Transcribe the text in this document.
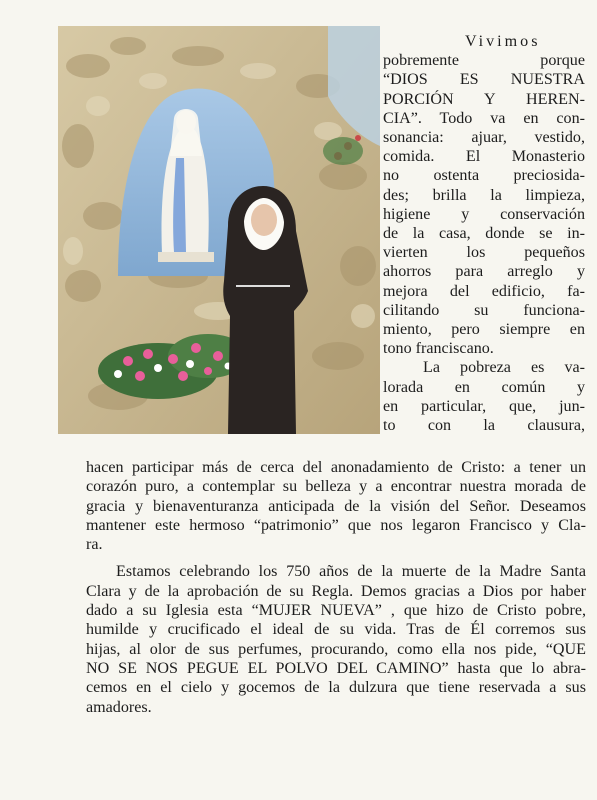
Vivimos
pobremente porque
“DIOS ES NUESTRA
PORCIÓN Y HEREN-
CIA”. Todo va en con-
sonancia: ajuar, vestido,
comida. El Monasterio
no ostenta preciosida-
des; brilla la limpieza,
higiene y conservación
de la casa, donde se in-
vierten los pequeños
ahorros para arreglo y
mejora del edificio, fa-
cilitando su funciona-
miento, pero siempre en
tono franciscano.
La pobreza es va-
lorada en común y
en particular, que, jun-
to con la clausura,
hacen participar más de cerca del anonadamiento de Cristo: a tener un
corazón puro, a contemplar su belleza y a encontrar nuestra morada de
gracia y bienaventuranza anticipada de la visión del Señor. Deseamos
mantener este hermoso “patrimonio” que nos legaron Francisco y Cla-
ra.
Estamos celebrando los 750 años de la muerte de la Madre Santa
Clara y de la aprobación de su Regla. Demos gracias a Dios por haber
dado a su Iglesia esta “MUJER NUEVA” , que hizo de Cristo pobre,
humilde y crucificado el ideal de su vida. Tras de Él corremos sus
hijas, al olor de sus perfumes, procurando, como ella nos pide, “QUE
NO SE NOS PEGUE EL POLVO DEL CAMINO” hasta que lo abra-
cemos en el cielo y gocemos de la dulzura que tiene reservada a sus
amadores.
